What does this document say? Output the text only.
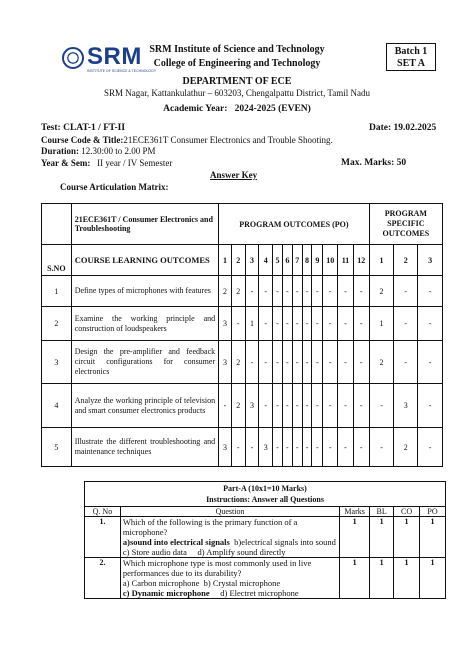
SRM
INSTITUTE OF SCIENCE & TECHNOLOGY
SRM Institute of Science and Technology
College of Engineering and Technology
DEPARTMENT OF ECE
SRM Nagar, Kattankulathur – 603203, Chengalpattu District, Tamil Nadu
Academic Year: 2024-2025 (EVEN)
Batch 1
SET A
Test: CLAT-1 / FT-II	Date: 19.02.2025
Course Code & Title:21ECE361T Consumer Electronics and Trouble Shooting.
Duration: 12.30:00 to 2.00 PM
Year & Sem: II year / IV Semester	Max. Marks: 50
Answer Key
Course Articulation Matrix:
	21ECE361T / Consumer Electronics and Troubleshooting	PROGRAM OUTCOMES (PO)												PROGRAM SPECIFIC OUTCOMES		
S.NO	COURSE LEARNING OUTCOMES	1	2	3	4	5	6	7	8	9	10	11	12	1	2	3
1	Define types of microphones with features	2	2	-	-	-	-	-	-	-	-	-	-	2	-	-
2	Examine the working principle and construction of loudspeakers	3	-	1	-	-	-	-	-	-	-	-	-	1	-	-
3	Design the pre-amplifier and feedback circuit configurations for consumer electronics	3	2	-	-	-	-	-	-	-	-	-	-	2	-	-
4	Analyze the working principle of television and smart consumer electronics products	-	2	3	-	-	-	-	-	-	-	-	-	-	3	-
5	Illustrate the different troubleshooting and maintenance techniques	3	-	-	3	-	-	-	-	-	-	-	-	-	2	-
Part-A (10x1=10 Marks)
Instructions: Answer all Questions					

Q. No	Question	Marks	BL	CO	PO
1.	Which of the following is the primary function of a microphone?
a)sound into electrical signals b)electrical signals into sound
c) Store audio data d) Amplify sound directly	1	1	1	1
2.	Which microphone type is most commonly used in live performances due to its durability?
a) Carbon microphone b) Crystal microphone
c) Dynamic microphone d) Electret microphone	1	1	1	1
